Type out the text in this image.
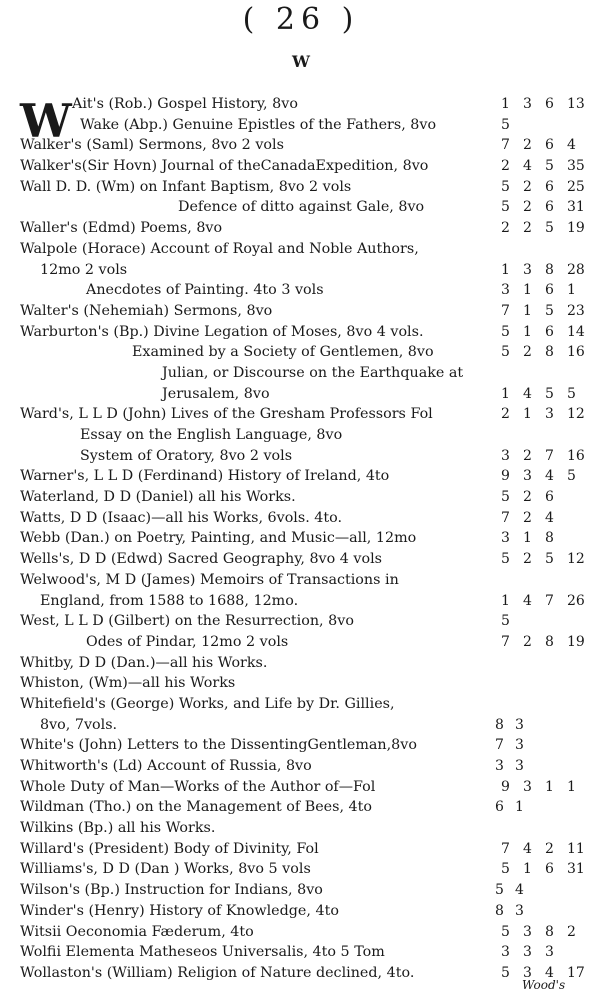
( 26 )
W
W Ait's (Rob.) Gospel History, 8vo	1 3 6 13
Wake (Abp.) Genuine Epistles of the Fathers, 8vo	5
Walker's (Saml) Sermons, 8vo 2 vols	7 2 6 4
Walker's(Sir Hovn) Journal of theCanadaExpedition, 8vo	2 4 5 35
Wall D. D. (Wm) on Infant Baptism, 8vo 2 vols	5 2 6 25
Defence of ditto against Gale, 8vo	5 2 6 31
Waller's (Edmd) Poems, 8vo	2 2 5 19
Walpole (Horace) Account of Royal and Noble Authors,
12mo 2 vols	1 3 8 28
Anecdotes of Painting. 4to 3 vols	3 1 6 1
Walter's (Nehemiah) Sermons, 8vo	7 1 5 23
Warburton's (Bp.) Divine Legation of Moses, 8vo 4 vols.	5 1 6 14
Examined by a Society of Gentlemen, 8vo	5 2 8 16
Julian, or Discourse on the Earthquake at
Jerusalem, 8vo	1 4 5 5
Ward's, L L D (John) Lives of the Gresham Professors Fol	2 1 3 12
Essay on the English Language, 8vo
System of Oratory, 8vo 2 vols	3 2 7 16
Warner's, L L D (Ferdinand) History of Ireland, 4to	9 3 4 5
Waterland, D D (Daniel) all his Works.	5 2 6
Watts, D D (Isaac)—all his Works, 6vols. 4to.	7 2 4
Webb (Dan.) on Poetry, Painting, and Music—all, 12mo	3 1 8
Wells's, D D (Edwd) Sacred Geography, 8vo 4 vols	5 2 5 12
Welwood's, M D (James) Memoirs of Transactions in
England, from 1588 to 1688, 12mo.	1 4 7 26
West, L L D (Gilbert) on the Resurrection, 8vo	5
Odes of Pindar, 12mo 2 vols	7 2 8 19
Whitby, D D (Dan.)—all his Works.
Whiston, (Wm)—all his Works
Whitefield's (George) Works, and Life by Dr. Gillies,
8vo, 7vols.	8 3
White's (John) Letters to the DissentingGentleman,8vo	7 3
Whitworth's (Ld) Account of Russia, 8vo	3 3
Whole Duty of Man—Works of the Author of—Fol	9 3 1 1
Wildman (Tho.) on the Management of Bees, 4to	6 1
Wilkins (Bp.) all his Works.
Willard's (President) Body of Divinity, Fol	7 4 2 11
Williams's, D D (Dan ) Works, 8vo 5 vols	5 1 6 31
Wilson's (Bp.) Instruction for Indians, 8vo	5 4
Winder's (Henry) History of Knowledge, 4to	8 3
Witsii Oeconomia Fæderum, 4to	5 3 8 2
Wolfii Elementa Matheseos Universalis, 4to 5 Tom	3 3 3
Wollaston's (William) Religion of Nature declined, 4to.	5 3 4 17
Wood's
